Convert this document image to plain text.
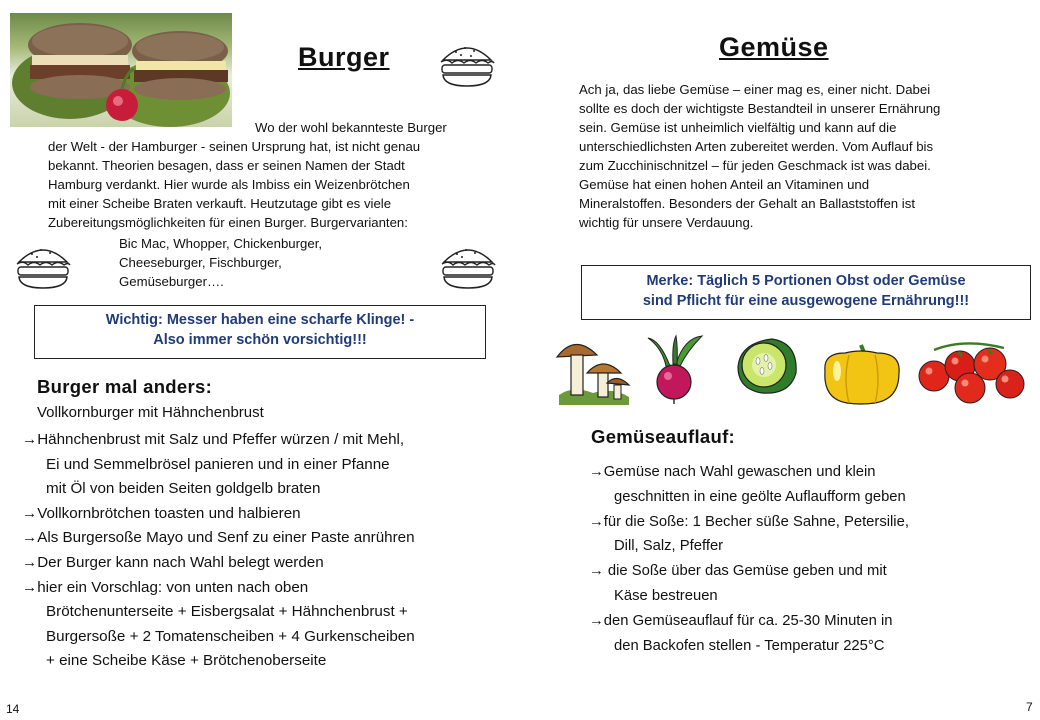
Burger
Wo der wohl bekannteste Burger
der Welt - der Hamburger - seinen Ursprung hat, ist nicht genau
bekannt. Theorien besagen, dass er seinen Namen der Stadt
Hamburg verdankt. Hier wurde als Imbiss ein Weizenbrötchen
mit einer Scheibe Braten verkauft. Heutzutage gibt es viele
Zubereitungsmöglichkeiten für einen Burger. Burgervarianten:
Bic Mac, Whopper, Chickenburger,
Cheeseburger, Fischburger,
Gemüseburger….
Wichtig: Messer haben eine scharfe Klinge! -
Also immer schön vorsichtig!!!
Burger mal anders:
Vollkornburger mit Hähnchenbrust
→Hähnchenbrust mit Salz und Pfeffer würzen / mit Mehl,
Ei und Semmelbrösel panieren und in einer Pfanne
mit Öl von beiden Seiten goldgelb braten
→Vollkornbrötchen toasten und halbieren
→Als Burgersoße Mayo und Senf zu einer Paste anrühren
→Der Burger kann nach Wahl belegt werden
→hier ein Vorschlag: von unten nach oben
Brötchenunterseite + Eisbergsalat + Hähnchenbrust +
Burgersoße + 2 Tomatenscheiben + 4 Gurkenscheiben
+ eine Scheibe Käse + Brötchenoberseite
14
Gemüse
Ach ja, das liebe Gemüse – einer mag es, einer nicht. Dabei
sollte es doch der wichtigste Bestandteil in unserer Ernährung
sein. Gemüse ist unheimlich vielfältig und kann auf die
unterschiedlichsten Arten zubereitet werden. Vom Auflauf bis
zum Zucchinischnitzel – für jeden Geschmack ist was dabei.
Gemüse hat einen hohen Anteil an Vitaminen und
Mineralstoffen. Besonders der Gehalt an Ballaststoffen ist
wichtig für unsere Verdauung.
Merke: Täglich 5 Portionen Obst oder Gemüse
sind Pflicht für eine ausgewogene Ernährung!!!
Gemüseauflauf:
→Gemüse nach Wahl gewaschen und klein
geschnitten in eine geölte Auflaufform geben
→für die Soße: 1 Becher süße Sahne, Petersilie,
Dill, Salz, Pfeffer
→ die Soße über das Gemüse geben und mit
Käse bestreuen
→den Gemüseauflauf für ca. 25-30 Minuten in
den Backofen stellen - Temperatur 225°C
7
